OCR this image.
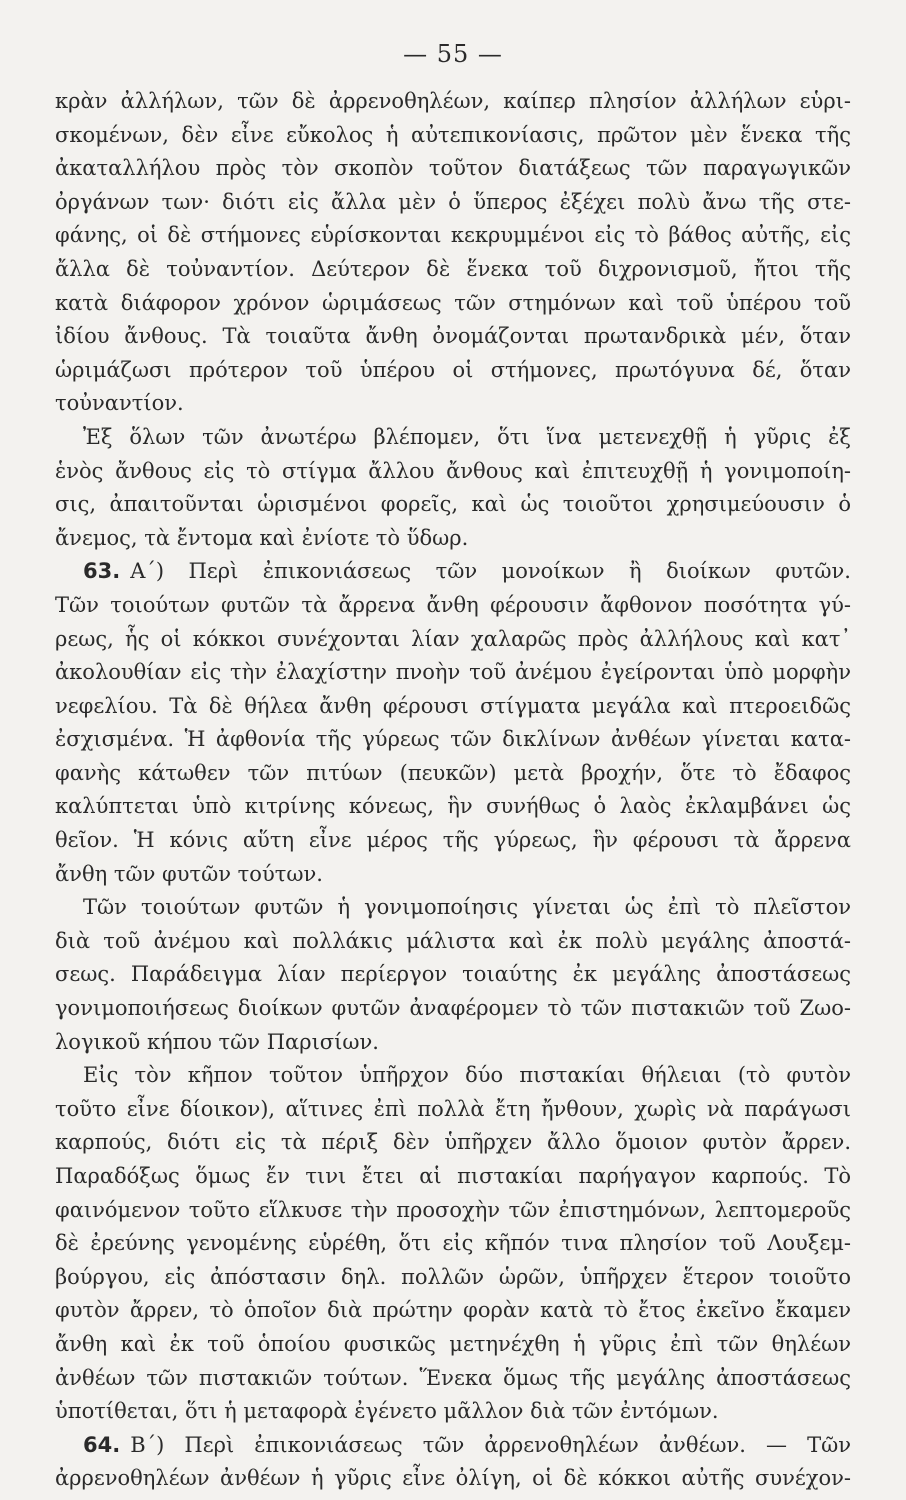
— 55 —
κρὰν ἀλλήλων, τῶν δὲ ἀρρενοθηλέων, καίπερ πλησίον ἀλλήλων εὑρι-
σκομένων, δὲν εἶνε εὔκολος ἡ αὐτεπικονίασις, πρῶτον μὲν ἕνεκα τῆς
ἀκαταλλήλου πρὸς τὸν σκοπὸν τοῦτον διατάξεως τῶν παραγωγικῶν
ὀργάνων των· διότι εἰς ἄλλα μὲν ὁ ὕπερος ἐξέχει πολὺ ἄνω τῆς στε-
φάνης, οἱ δὲ στήμονες εὑρίσκονται κεκρυμμένοι εἰς τὸ βάθος αὐτῆς, εἰς
ἄλλα δὲ τοὐναντίον. Δεύτερον δὲ ἕνεκα τοῦ διχρονισμοῦ, ἤτοι τῆς
κατὰ διάφορον χρόνον ὡριμάσεως τῶν στημόνων καὶ τοῦ ὑπέρου τοῦ
ἰδίου ἄνθους. Τὰ τοιαῦτα ἄνθη ὀνομάζονται πρωτανδρικὰ μέν, ὅταν
ὡριμάζωσι πρότερον τοῦ ὑπέρου οἱ στήμονες, πρωτόγυνα δέ, ὅταν
τοὐναντίον.
Ἐξ ὅλων τῶν ἀνωτέρω βλέπομεν, ὅτι ἵνα μετενεχθῇ ἡ γῦρις ἐξ
ἑνὸς ἄνθους εἰς τὸ στίγμα ἄλλου ἄνθους καὶ ἐπιτευχθῇ ἡ γονιμοποίη-
σις, ἀπαιτοῦνται ὡρισμένοι φορεῖς, καὶ ὡς τοιοῦτοι χρησιμεύουσιν ὁ
ἄνεμος, τὰ ἔντομα καὶ ἐνίοτε τὸ ὕδωρ.
63. Α´) Περὶ ἐπικονιάσεως τῶν μονοίκων ἢ διοίκων φυτῶν.
Τῶν τοιούτων φυτῶν τὰ ἄρρενα ἄνθη φέρουσιν ἄφθονον ποσότητα γύ-
ρεως, ἧς οἱ κόκκοι συνέχονται λίαν χαλαρῶς πρὸς ἀλλήλους καὶ κατ᾽
ἀκολουθίαν εἰς τὴν ἐλαχίστην πνοὴν τοῦ ἀνέμου ἐγείρονται ὑπὸ μορφὴν
νεφελίου. Τὰ δὲ θήλεα ἄνθη φέρουσι στίγματα μεγάλα καὶ πτεροειδῶς
ἐσχισμένα. Ἡ ἀφθονία τῆς γύρεως τῶν δικλίνων ἀνθέων γίνεται κατα-
φανὴς κάτωθεν τῶν πιτύων (πευκῶν) μετὰ βροχήν, ὅτε τὸ ἔδαφος
καλύπτεται ὑπὸ κιτρίνης κόνεως, ἣν συνήθως ὁ λαὸς ἐκλαμβάνει ὡς
θεῖον. Ἡ κόνις αὕτη εἶνε μέρος τῆς γύρεως, ἣν φέρουσι τὰ ἄρρενα
ἄνθη τῶν φυτῶν τούτων.
Τῶν τοιούτων φυτῶν ἡ γονιμοποίησις γίνεται ὡς ἐπὶ τὸ πλεῖστον
διὰ τοῦ ἀνέμου καὶ πολλάκις μάλιστα καὶ ἐκ πολὺ μεγάλης ἀποστά-
σεως. Παράδειγμα λίαν περίεργον τοιαύτης ἐκ μεγάλης ἀποστάσεως
γονιμοποιήσεως διοίκων φυτῶν ἀναφέρομεν τὸ τῶν πιστακιῶν τοῦ Ζωο-
λογικοῦ κήπου τῶν Παρισίων.
Εἰς τὸν κῆπον τοῦτον ὑπῆρχον δύο πιστακίαι θήλειαι (τὸ φυτὸν
τοῦτο εἶνε δίοικον), αἵτινες ἐπὶ πολλὰ ἔτη ἤνθουν, χωρὶς νὰ παράγωσι
καρπούς, διότι εἰς τὰ πέριξ δὲν ὑπῆρχεν ἄλλο ὅμοιον φυτὸν ἄρρεν.
Παραδόξως ὅμως ἔν τινι ἔτει αἱ πιστακίαι παρήγαγον καρπούς. Τὸ
φαινόμενον τοῦτο εἵλκυσε τὴν προσοχὴν τῶν ἐπιστημόνων, λεπτομεροῦς
δὲ ἐρεύνης γενομένης εὑρέθη, ὅτι εἰς κῆπόν τινα πλησίον τοῦ Λουξεμ-
βούργου, εἰς ἀπόστασιν δηλ. πολλῶν ὡρῶν, ὑπῆρχεν ἕτερον τοιοῦτο
φυτὸν ἄρρεν, τὸ ὁποῖον διὰ πρώτην φορὰν κατὰ τὸ ἔτος ἐκεῖνο ἔκαμεν
ἄνθη καὶ ἐκ τοῦ ὁποίου φυσικῶς μετηνέχθη ἡ γῦρις ἐπὶ τῶν θηλέων
ἀνθέων τῶν πιστακιῶν τούτων. Ἕνεκα ὅμως τῆς μεγάλης ἀποστάσεως
ὑποτίθεται, ὅτι ἡ μεταφορὰ ἐγένετο μᾶλλον διὰ τῶν ἐντόμων.
64. Β´) Περὶ ἐπικονιάσεως τῶν ἀρρενοθηλέων ἀνθέων. — Τῶν
ἀρρενοθηλέων ἀνθέων ἡ γῦρις εἶνε ὀλίγη, οἱ δὲ κόκκοι αὐτῆς συνέχον-
